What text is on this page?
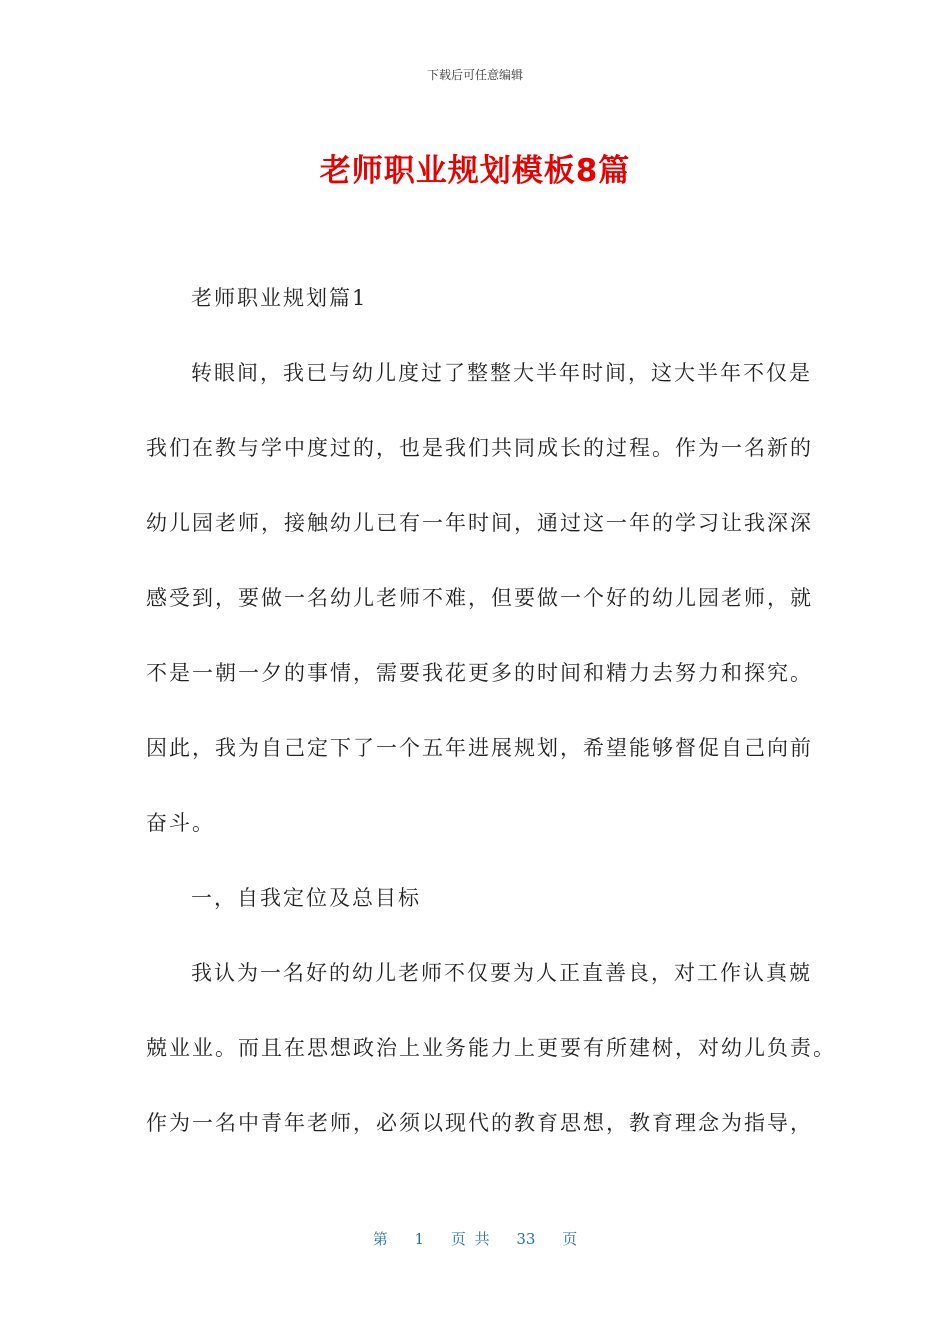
下载后可任意编辑
老师职业规划模板8篇
老师职业规划篇1
转眼间，我已与幼儿度过了整整大半年时间，这大半年不仅是
我们在教与学中度过的，也是我们共同成长的过程。作为一名新的
幼儿园老师，接触幼儿已有一年时间，通过这一年的学习让我深深
感受到，要做一名幼儿老师不难，但要做一个好的幼儿园老师，就
不是一朝一夕的事情，需要我花更多的时间和精力去努力和探究。
因此，我为自己定下了一个五年进展规划，希望能够督促自己向前
奋斗。
一，自我定位及总目标
我认为一名好的幼儿老师不仅要为人正直善良，对工作认真兢
兢业业。而且在思想政治上业务能力上更要有所建树，对幼儿负责。
作为一名中青年老师，必须以现代的教育思想，教育理念为指导，
第 1 页 共 33 页
